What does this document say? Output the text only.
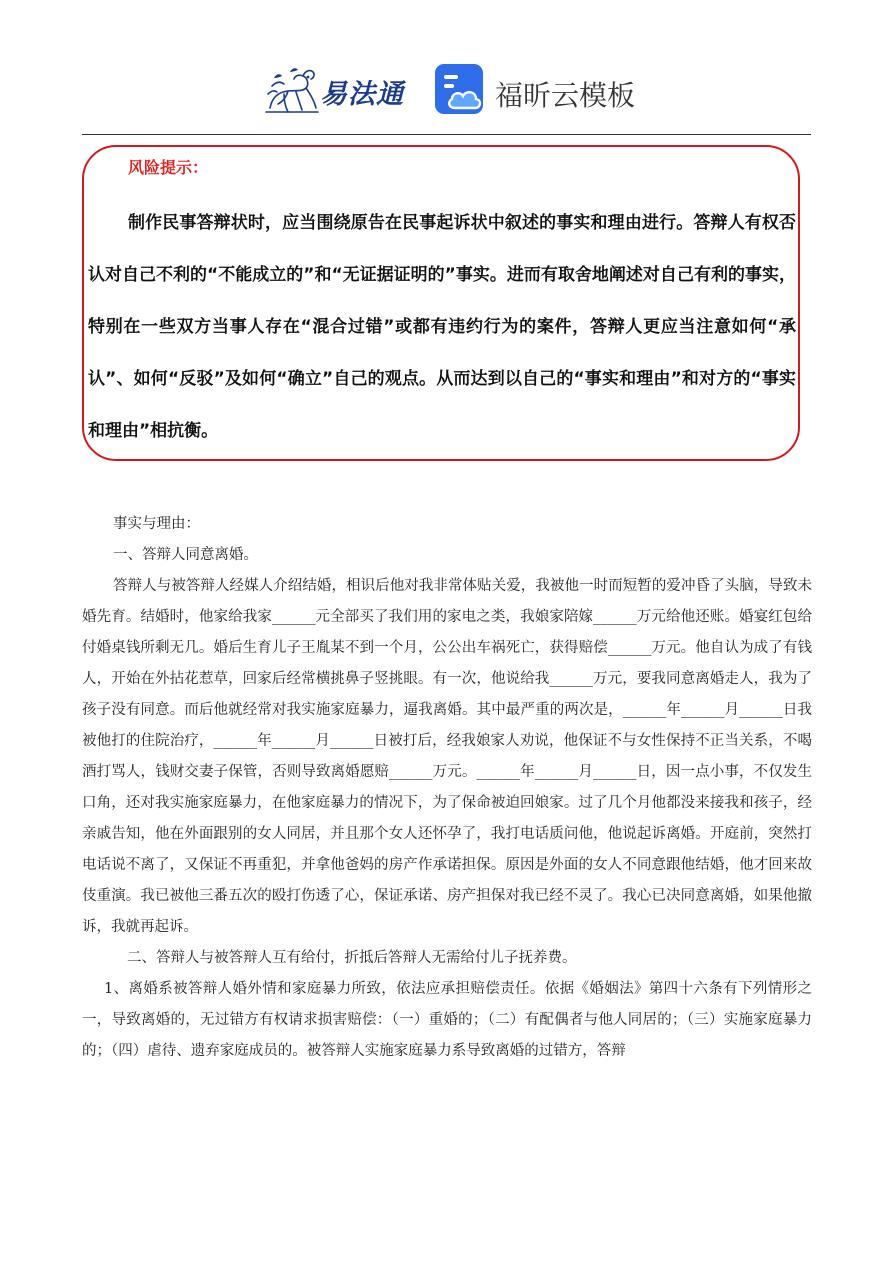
易法通	福昕云模板
风险提示：
制作民事答辩状时，应当围绕原告在民事起诉状中叙述的事实和理由进行。答辩人有权否认对自己不利的“不能成立的”和“无证据证明的”事实。进而有取舍地阐述对自己有利的事实，特别在一些双方当事人存在“混合过错”或都有违约行为的案件，答辩人更应当注意如何“承认”、如何“反驳”及如何“确立”自己的观点。从而达到以自己的“事实和理由”和对方的“事实和理由”相抗衡。

事实与理由：

一、答辩人同意离婚。

答辩人与被答辩人经媒人介绍结婚，相识后他对我非常体贴关爱，我被他一时而短暂的爱冲昏了头脑，导致未婚先育。结婚时，他家给我家______元全部买了我们用的家电之类，我娘家陪嫁______万元给他还账。婚宴红包给付婚桌钱所剩无几。婚后生育儿子王胤某不到一个月，公公出车祸死亡，获得赔偿______万元。他自认为成了有钱人，开始在外拈花惹草，回家后经常横挑鼻子竖挑眼。有一次，他说给我______万元，要我同意离婚走人，我为了孩子没有同意。而后他就经常对我实施家庭暴力，逼我离婚。其中最严重的两次是，______年______月______日我被他打的住院治疗，______年______月______日被打后，经我娘家人劝说，他保证不与女性保持不正当关系，不喝酒打骂人，钱财交妻子保管，否则导致离婚愿赔______万元。______年______月______日，因一点小事，不仅发生口角，还对我实施家庭暴力，在他家庭暴力的情况下，为了保命被迫回娘家。过了几个月他都没来接我和孩子，经亲戚告知，他在外面跟别的女人同居，并且那个女人还怀孕了，我打电话质问他，他说起诉离婚。开庭前，突然打电话说不离了，又保证不再重犯，并拿他爸妈的房产作承诺担保。原因是外面的女人不同意跟他结婚，他才回来故伎重演。我已被他三番五次的殴打伤透了心，保证承诺、房产担保对我已经不灵了。我心已决同意离婚，如果他撤诉，我就再起诉。

二、答辩人与被答辩人互有给付，折抵后答辩人无需给付儿子抚养费。

1、离婚系被答辩人婚外情和家庭暴力所致，依法应承担赔偿责任。依据《婚姻法》第四十六条有下列情形之一，导致离婚的，无过错方有权请求损害赔偿：（一）重婚的；（二）有配偶者与他人同居的；（三）实施家庭暴力的；（四）虐待、遗弃家庭成员的。被答辩人实施家庭暴力系导致离婚的过错方，答辩
